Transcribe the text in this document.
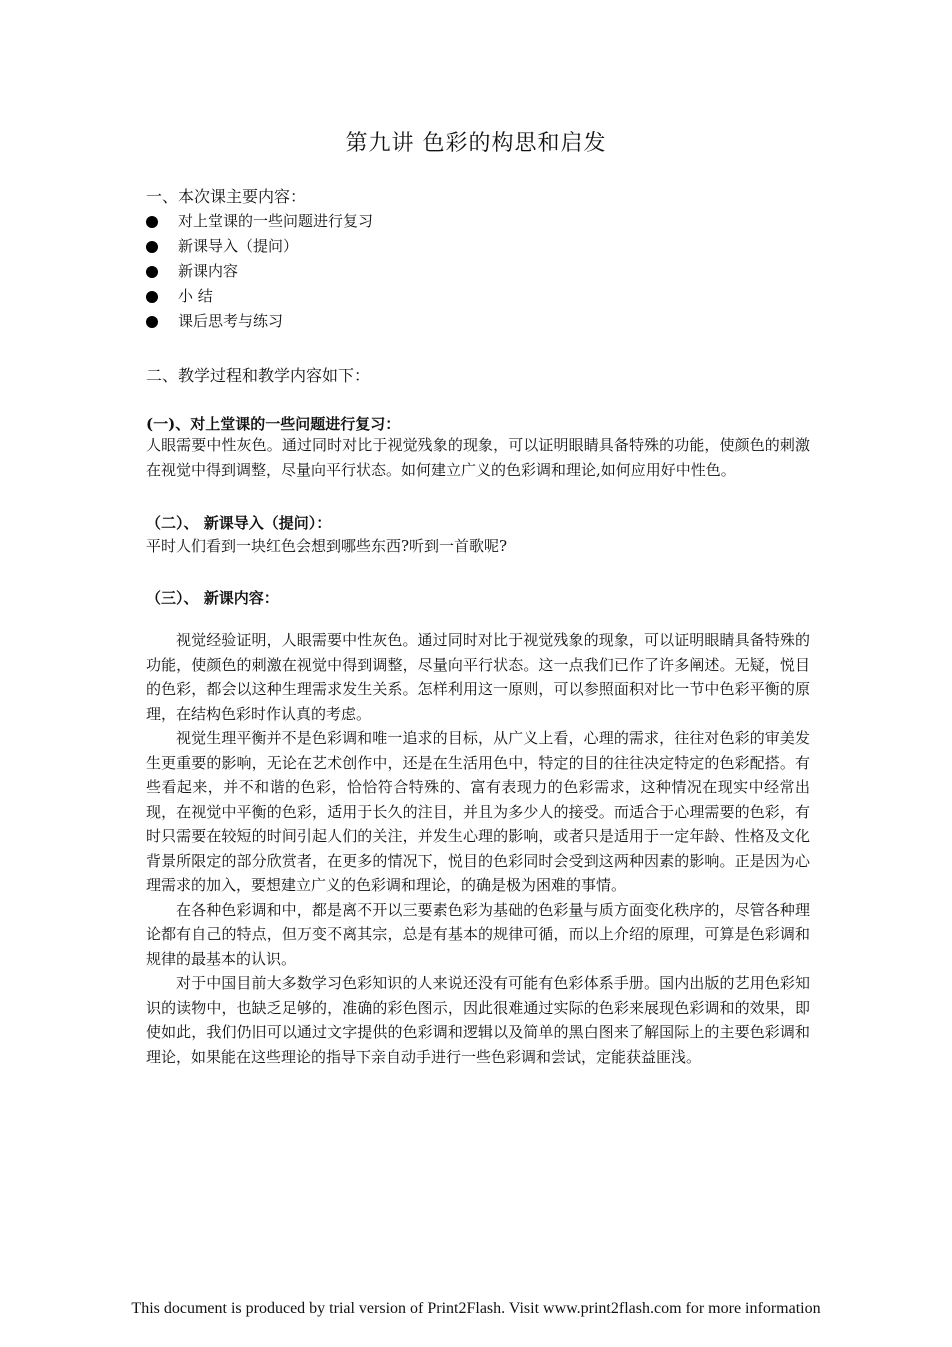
第九讲 色彩的构思和启发
一、本次课主要内容：
对上堂课的一些问题进行复习
新课导入（提问）
新课内容
小 结
课后思考与练习
二、教学过程和教学内容如下：
(一)、对上堂课的一些问题进行复习：

人眼需要中性灰色。通过同时对比于视觉残象的现象，可以证明眼睛具备特殊的功能，使颜色的刺激在视觉中得到调整，尽量向平行状态。如何建立广义的色彩调和理论,如何应用好中性色。

（二）、 新课导入（提问）：

平时人们看到一块红色会想到哪些东西?听到一首歌呢?

（三）、 新课内容：

视觉经验证明，人眼需要中性灰色。通过同时对比于视觉残象的现象，可以证明眼睛具备特殊的功能，使颜色的刺激在视觉中得到调整，尽量向平行状态。这一点我们已作了许多阐述。无疑，悦目的色彩，都会以这种生理需求发生关系。怎样利用这一原则，可以参照面积对比一节中色彩平衡的原理，在结构色彩时作认真的考虑。

视觉生理平衡并不是色彩调和唯一追求的目标，从广义上看，心理的需求，往往对色彩的审美发生更重要的影响，无论在艺术创作中，还是在生活用色中，特定的目的往往决定特定的色彩配搭。有些看起来，并不和谐的色彩，恰恰符合特殊的、富有表现力的色彩需求，这种情况在现实中经常出现，在视觉中平衡的色彩，适用于长久的注目，并且为多少人的接受。而适合于心理需要的色彩，有时只需要在较短的时间引起人们的关注，并发生心理的影响，或者只是适用于一定年龄、性格及文化背景所限定的部分欣赏者，在更多的情况下，悦目的色彩同时会受到这两种因素的影响。正是因为心理需求的加入，要想建立广义的色彩调和理论，的确是极为困难的事情。

在各种色彩调和中，都是离不开以三要素色彩为基础的色彩量与质方面变化秩序的，尽管各种理论都有自己的特点，但万变不离其宗，总是有基本的规律可循，而以上介绍的原理，可算是色彩调和规律的最基本的认识。

对于中国目前大多数学习色彩知识的人来说还没有可能有色彩体系手册。国内出版的艺用色彩知识的读物中，也缺乏足够的，准确的彩色图示，因此很难通过实际的色彩来展现色彩调和的效果，即使如此，我们仍旧可以通过文字提供的色彩调和逻辑以及简单的黑白图来了解国际上的主要色彩调和理论，如果能在这些理论的指导下亲自动手进行一些色彩调和尝试，定能获益匪浅。

This document is produced by trial version of Print2Flash. Visit www.print2flash.com for more information
